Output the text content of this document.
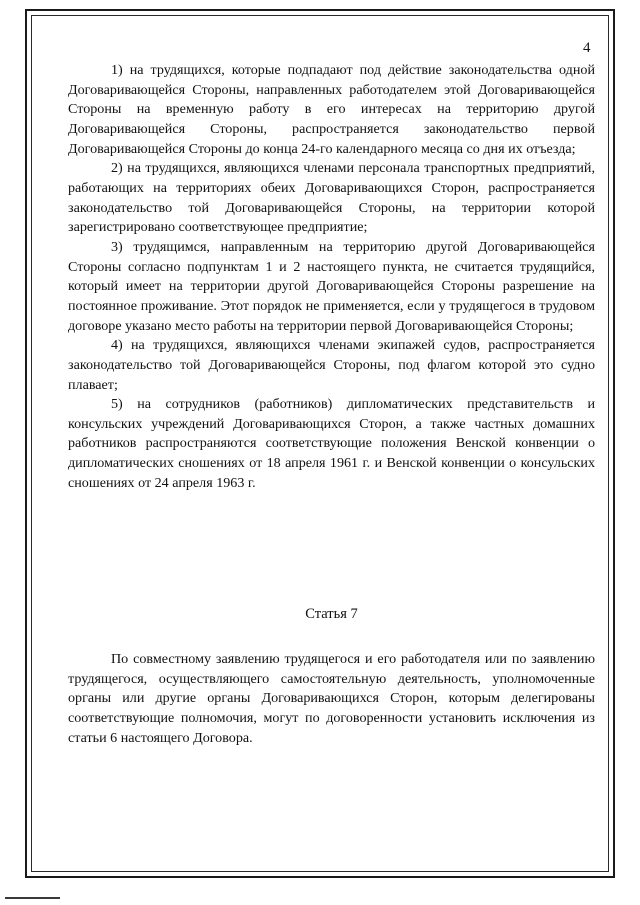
4

1) на трудящихся, которые подпадают под действие законодательства одной Договаривающейся Стороны, направленных работодателем этой Договаривающейся Стороны на временную работу в его интересах на территорию другой Договаривающейся Стороны, распространяется законодательство первой Договаривающейся Стороны до конца 24-го календарного месяца со дня их отъезда;

2) на трудящихся, являющихся членами персонала транспортных предприятий, работающих на территориях обеих Договаривающихся Сторон, распространяется законодательство той Договаривающейся Стороны, на территории которой зарегистрировано соответствующее предприятие;

3) трудящимся, направленным на территорию другой Договаривающейся Стороны согласно подпунктам 1 и 2 настоящего пункта, не считается трудящийся, который имеет на территории другой Договаривающейся Стороны разрешение на постоянное проживание. Этот порядок не применяется, если у трудящегося в трудовом договоре указано место работы на территории первой Договаривающейся Стороны;

4) на трудящихся, являющихся членами экипажей судов, распространяется законодательство той Договаривающейся Стороны, под флагом которой это судно плавает;

5) на сотрудников (работников) дипломатических представительств и консульских учреждений Договаривающихся Сторон, а также частных домашних работников распространяются соответствующие положения Венской конвенции о дипломатических сношениях от 18 апреля 1961 г. и Венской конвенции о консульских сношениях от 24 апреля 1963 г.

Статья 7

По совместному заявлению трудящегося и его работодателя или по заявлению трудящегося, осуществляющего самостоятельную деятельность, уполномоченные органы или другие органы Договаривающихся Сторон, которым делегированы соответствующие полномочия, могут по договоренности установить исключения из статьи 6 настоящего Договора.
